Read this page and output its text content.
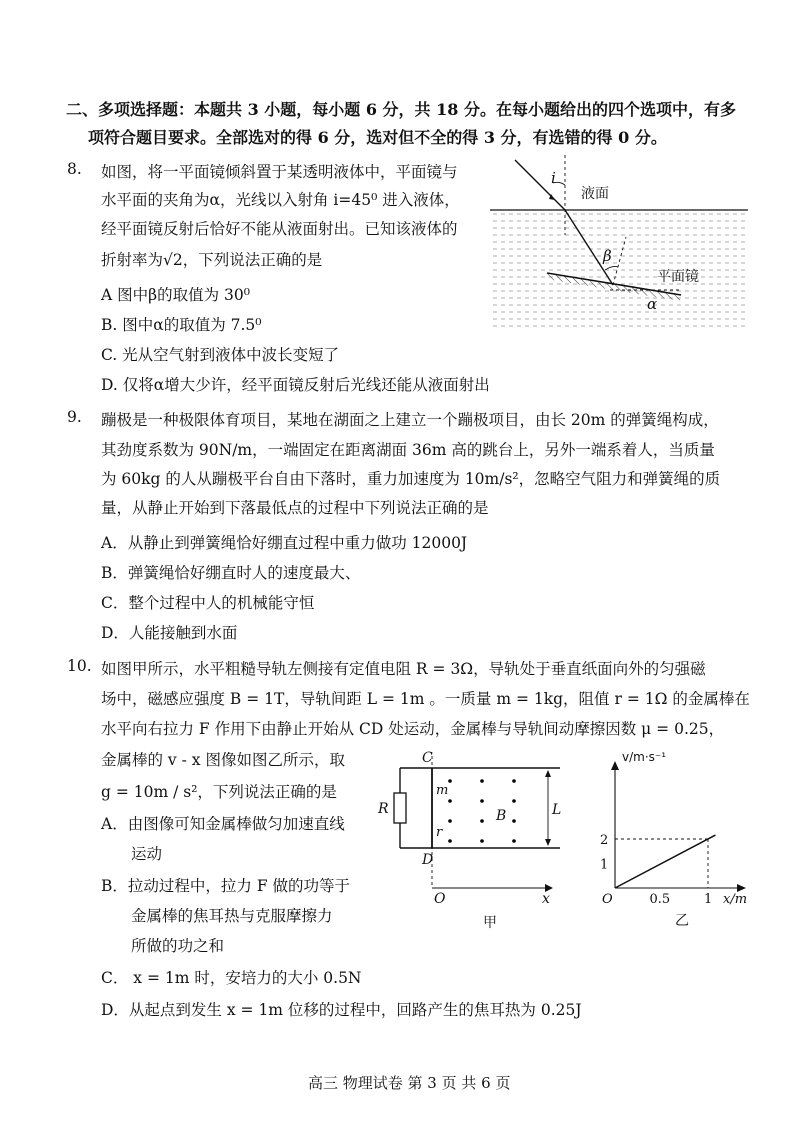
二、多项选择题：本题共 3 小题，每小题 6 分，共 18 分。在每小题给出的四个选项中，有多
项符合题目要求。全部选对的得 6 分，选对但不全的得 3 分，有选错的得 0 分。
8. 如图，将一平面镜倾斜置于某透明液体中，平面镜与
水平面的夹角为α，光线以入射角 i=45⁰ 进入液体，
经平面镜反射后恰好不能从液面射出。已知该液体的
折射率为√2，下列说法正确的是
A 图中β的取值为 30⁰
B. 图中α的取值为 7.5⁰
C. 光从空气射到液体中波长变短了
D. 仅将α增大少许，经平面镜反射后光线还能从液面射出
i
液面
β
平面镜
α
9. 蹦极是一种极限体育项目，某地在湖面之上建立一个蹦极项目，由长 20m 的弹簧绳构成，
其劲度系数为 90N/m，一端固定在距离湖面 36m 高的跳台上，另外一端系着人，当质量
为 60kg 的人从蹦极平台自由下落时，重力加速度为 10m/s²，忽略空气阻力和弹簧绳的质
量，从静止开始到下落最低点的过程中下列说法正确的是
A．从静止到弹簧绳恰好绷直过程中重力做功 12000J
B．弹簧绳恰好绷直时人的速度最大、
C．整个过程中人的机械能守恒
D．人能接触到水面
10. 如图甲所示，水平粗糙导轨左侧接有定值电阻 R = 3Ω，导轨处于垂直纸面向外的匀强磁
场中，磁感应强度 B = 1T，导轨间距 L = 1m 。一质量 m = 1kg，阻值 r = 1Ω 的金属棒在
水平向右拉力 F 作用下由静止开始从 CD 处运动，金属棒与导轨间动摩擦因数 μ = 0.25，
金属棒的 v - x 图像如图乙所示，取
g = 10m / s²，下列说法正确的是
A．由图像可知金属棒做匀加速直线
运动
B．拉动过程中，拉力 F 做的功等于
金属棒的焦耳热与克服摩擦力
所做的功之和
C． x = 1m 时，安培力的大小 0.5N
D．从起点到发生 x = 1m 位移的过程中，回路产生的焦耳热为 0.25J
C
D
R
m
r
B	L
O	x
甲
v/m·s⁻¹
2
1
O	0.5	1 x/m
乙
高三 物理试卷 第 3 页 共 6 页
